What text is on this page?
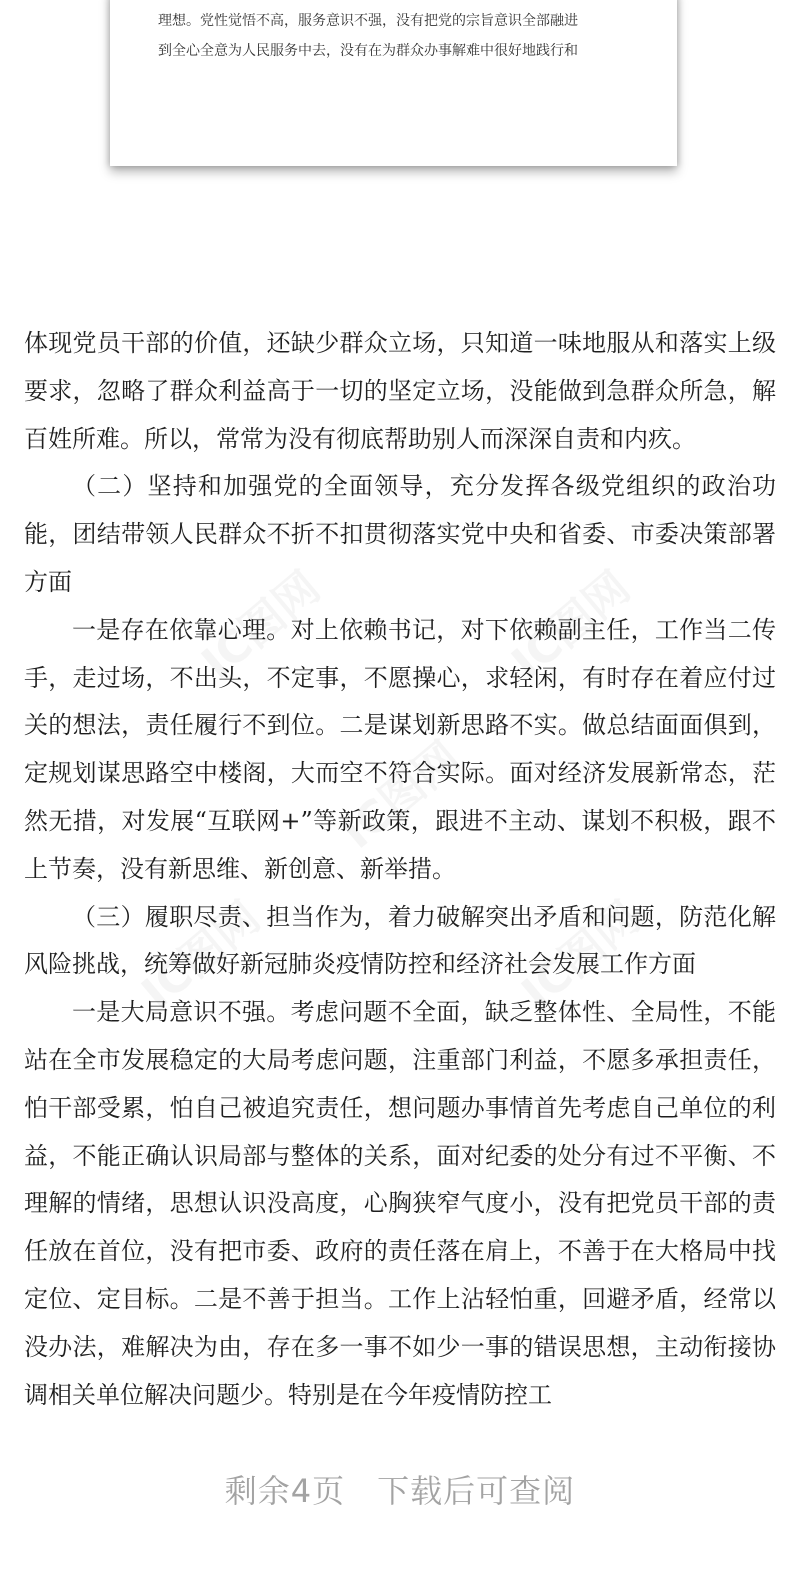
理想。党性觉悟不高，服务意识不强，没有把党的宗旨意识全部融进
到全心全意为人民服务中去，没有在为群众办事解难中很好地践行和
IC图网	IC图网
IC图网
IC图网	IC图网

体现党员干部的价值，还缺少群众立场，只知道一味地服从和落实上级要求，忽略了群众利益高于一切的坚定立场，没能做到急群众所急，解百姓所难。所以，常常为没有彻底帮助别人而深深自责和内疚。

（二）坚持和加强党的全面领导，充分发挥各级党组织的政治功能，团结带领人民群众不折不扣贯彻落实党中央和省委、市委决策部署方面

一是存在依靠心理。对上依赖书记，对下依赖副主任，工作当二传手，走过场，不出头，不定事，不愿操心，求轻闲，有时存在着应付过关的想法，责任履行不到位。二是谋划新思路不实。做总结面面俱到，定规划谋思路空中楼阁，大而空不符合实际。面对经济发展新常态，茫然无措，对发展“互联网+”等新政策，跟进不主动、谋划不积极，跟不上节奏，没有新思维、新创意、新举措。

（三）履职尽责、担当作为，着力破解突出矛盾和问题，防范化解风险挑战，统筹做好新冠肺炎疫情防控和经济社会发展工作方面

一是大局意识不强。考虑问题不全面，缺乏整体性、全局性，不能站在全市发展稳定的大局考虑问题，注重部门利益，不愿多承担责任，怕干部受累，怕自己被追究责任，想问题办事情首先考虑自己单位的利益，不能正确认识局部与整体的关系，面对纪委的处分有过不平衡、不理解的情绪，思想认识没高度，心胸狭窄气度小，没有把党员干部的责任放在首位，没有把市委、政府的责任落在肩上，不善于在大格局中找定位、定目标。二是不善于担当。工作上沾轻怕重，回避矛盾，经常以没办法，难解决为由，存在多一事不如少一事的错误思想，主动衔接协调相关单位解决问题少。特别是在今年疫情防控工

剩余4页 下载后可查阅
